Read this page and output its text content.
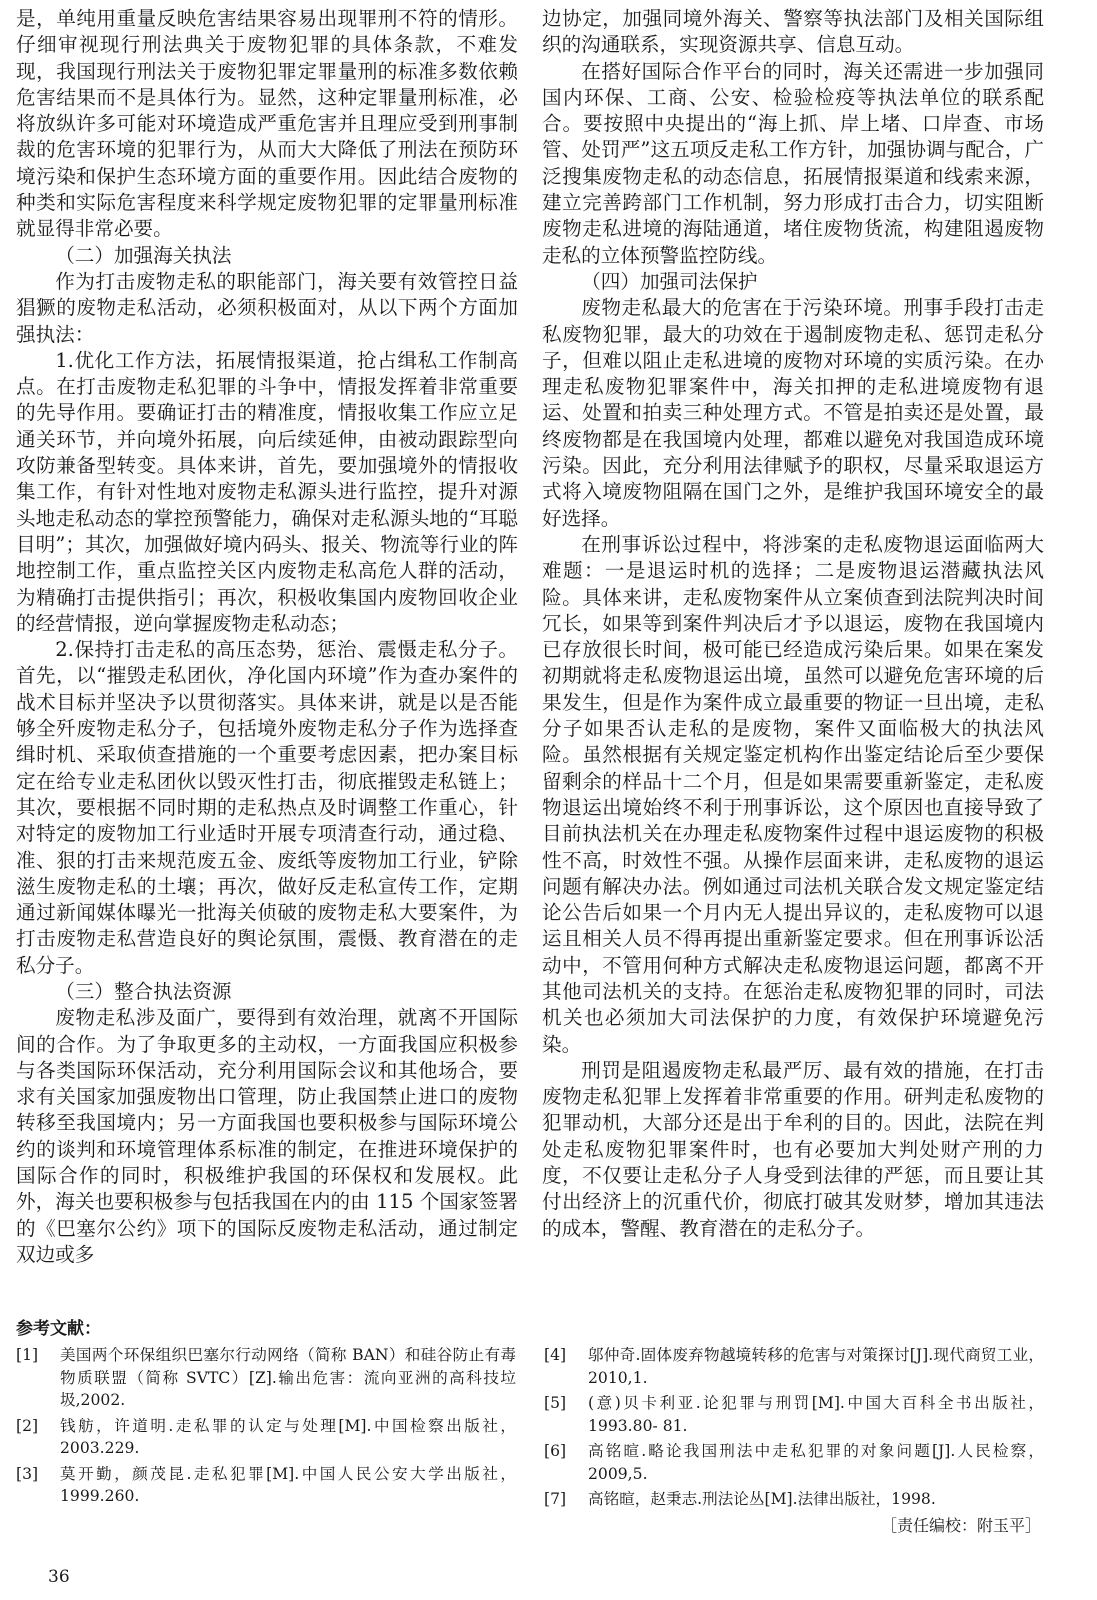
是，单纯用重量反映危害结果容易出现罪刑不符的情形。仔细审视现行刑法典关于废物犯罪的具体条款，不难发现，我国现行刑法关于废物犯罪定罪量刑的标准多数依赖危害结果而不是具体行为。显然，这种定罪量刑标准，必将放纵许多可能对环境造成严重危害并且理应受到刑事制裁的危害环境的犯罪行为，从而大大降低了刑法在预防环境污染和保护生态环境方面的重要作用。因此结合废物的种类和实际危害程度来科学规定废物犯罪的定罪量刑标准就显得非常必要。

（二）加强海关执法

作为打击废物走私的职能部门，海关要有效管控日益猖獗的废物走私活动，必须积极面对，从以下两个方面加强执法：

1.优化工作方法，拓展情报渠道，抢占缉私工作制高点。在打击废物走私犯罪的斗争中，情报发挥着非常重要的先导作用。要确证打击的精准度，情报收集工作应立足通关环节，并向境外拓展，向后续延伸，由被动跟踪型向攻防兼备型转变。具体来讲，首先，要加强境外的情报收集工作，有针对性地对废物走私源头进行监控，提升对源头地走私动态的掌控预警能力，确保对走私源头地的“耳聪目明”；其次，加强做好境内码头、报关、物流等行业的阵地控制工作，重点监控关区内废物走私高危人群的活动，为精确打击提供指引；再次，积极收集国内废物回收企业的经营情报，逆向掌握废物走私动态；

2.保持打击走私的高压态势，惩治、震慑走私分子。首先，以“摧毁走私团伙，净化国内环境”作为查办案件的战术目标并坚决予以贯彻落实。具体来讲，就是以是否能够全歼废物走私分子，包括境外废物走私分子作为选择查缉时机、采取侦查措施的一个重要考虑因素，把办案目标定在给专业走私团伙以毁灭性打击，彻底摧毁走私链上；其次，要根据不同时期的走私热点及时调整工作重心，针对特定的废物加工行业适时开展专项清查行动，通过稳、准、狠的打击来规范废五金、废纸等废物加工行业，铲除滋生废物走私的土壤；再次，做好反走私宣传工作，定期通过新闻媒体曝光一批海关侦破的废物走私大要案件，为打击废物走私营造良好的舆论氛围，震慑、教育潜在的走私分子。

（三）整合执法资源

废物走私涉及面广，要得到有效治理，就离不开国际间的合作。为了争取更多的主动权，一方面我国应积极参与各类国际环保活动，充分利用国际会议和其他场合，要求有关国家加强废物出口管理，防止我国禁止进口的废物转移至我国境内；另一方面我国也要积极参与国际环境公约的谈判和环境管理体系标准的制定，在推进环境保护的国际合作的同时，积极维护我国的环保权和发展权。此外，海关也要积极参与包括我国在内的由 115 个国家签署的《巴塞尔公约》项下的国际反废物走私活动，通过制定双边或多

边协定，加强同境外海关、警察等执法部门及相关国际组织的沟通联系，实现资源共享、信息互动。

在搭好国际合作平台的同时，海关还需进一步加强同国内环保、工商、公安、检验检疫等执法单位的联系配合。要按照中央提出的“海上抓、岸上堵、口岸查、市场管、处罚严”这五项反走私工作方针，加强协调与配合，广泛搜集废物走私的动态信息，拓展情报渠道和线索来源，建立完善跨部门工作机制，努力形成打击合力，切实阻断废物走私进境的海陆通道，堵住废物货流，构建阻遏废物走私的立体预警监控防线。

（四）加强司法保护

废物走私最大的危害在于污染环境。刑事手段打击走私废物犯罪，最大的功效在于遏制废物走私、惩罚走私分子，但难以阻止走私进境的废物对环境的实质污染。在办理走私废物犯罪案件中，海关扣押的走私进境废物有退运、处置和拍卖三种处理方式。不管是拍卖还是处置，最终废物都是在我国境内处理，都难以避免对我国造成环境污染。因此，充分利用法律赋予的职权，尽量采取退运方式将入境废物阻隔在国门之外，是维护我国环境安全的最好选择。

在刑事诉讼过程中，将涉案的走私废物退运面临两大难题：一是退运时机的选择；二是废物退运潜藏执法风险。具体来讲，走私废物案件从立案侦查到法院判决时间冗长，如果等到案件判决后才予以退运，废物在我国境内已存放很长时间，极可能已经造成污染后果。如果在案发初期就将走私废物退运出境，虽然可以避免危害环境的后果发生，但是作为案件成立最重要的物证一旦出境，走私分子如果否认走私的是废物，案件又面临极大的执法风险。虽然根据有关规定鉴定机构作出鉴定结论后至少要保留剩余的样品十二个月，但是如果需要重新鉴定，走私废物退运出境始终不利于刑事诉讼，这个原因也直接导致了目前执法机关在办理走私废物案件过程中退运废物的积极性不高，时效性不强。从操作层面来讲，走私废物的退运问题有解决办法。例如通过司法机关联合发文规定鉴定结论公告后如果一个月内无人提出异议的，走私废物可以退运且相关人员不得再提出重新鉴定要求。但在刑事诉讼活动中，不管用何种方式解决走私废物退运问题，都离不开其他司法机关的支持。在惩治走私废物犯罪的同时，司法机关也必须加大司法保护的力度，有效保护环境避免污染。

刑罚是阻遏废物走私最严厉、最有效的措施，在打击废物走私犯罪上发挥着非常重要的作用。研判走私废物的犯罪动机，大部分还是出于牟利的目的。因此，法院在判处走私废物犯罪案件时，也有必要加大判处财产刑的力度，不仅要让走私分子人身受到法律的严惩，而且要让其付出经济上的沉重代价，彻底打破其发财梦，增加其违法的成本，警醒、教育潜在的走私分子。

参考文献：
[1]	美国两个环保组织巴塞尔行动网络（简称 BAN）和硅谷防止有毒物质联盟（简称 SVTC）[Z].输出危害：流向亚洲的高科技垃圾,2002.
[2]	钱舫，许道明.走私罪的认定与处理[M].中国检察出版社，2003.229.
[3]	莫开勤，颜茂昆.走私犯罪[M].中国人民公安大学出版社，1999.260.
[4]	邬仲奇.固体废弃物越境转移的危害与对策探讨[J].现代商贸工业，2010,1.
[5]	(意)贝卡利亚.论犯罪与刑罚[M].中国大百科全书出版社，1993.80- 81.
[6]	高铭暄.略论我国刑法中走私犯罪的对象问题[J].人民检察，2009,5.
[7]	高铭暄，赵秉志.刑法论丛[M].法律出版社，1998.
［责任编校：附玉平］
36
